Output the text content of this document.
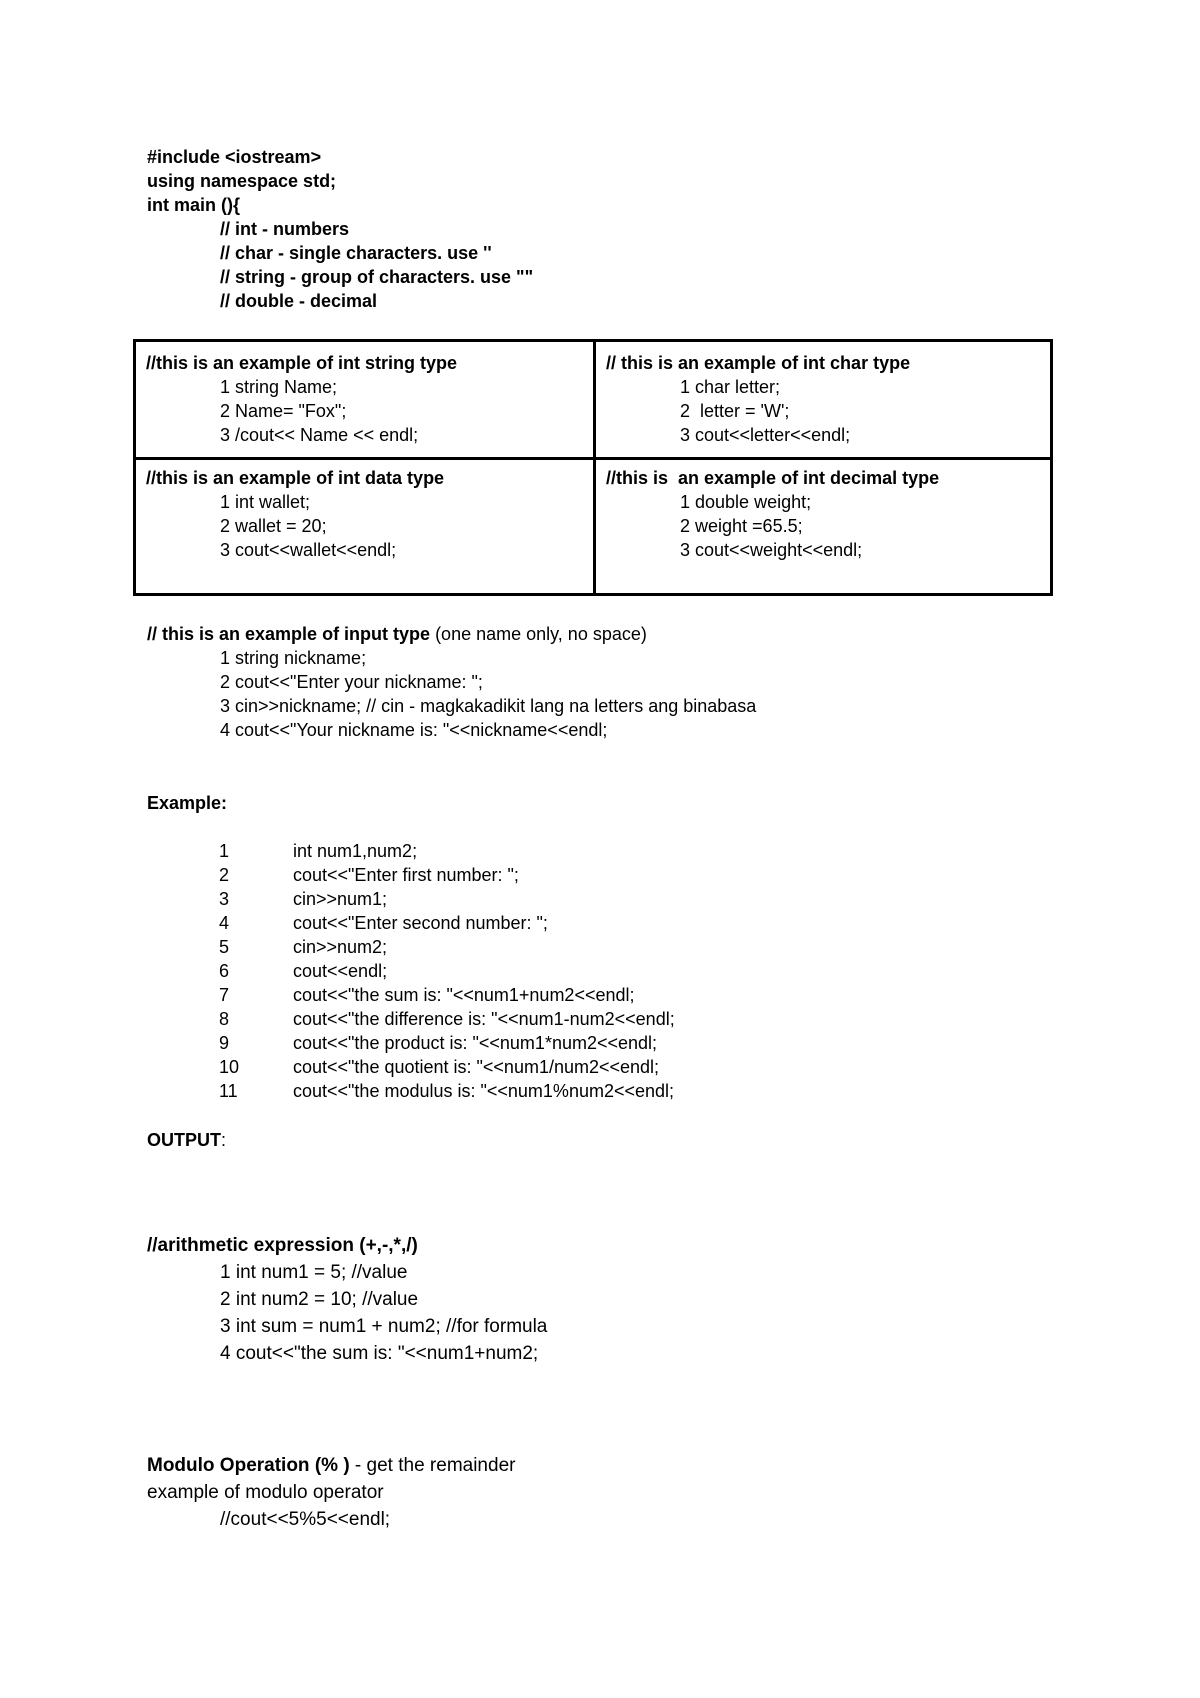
#include <iostream>
using namespace std;
int main (){
// int - numbers
// char - single characters. use ''
// string - group of characters. use ""
// double - decimal
//this is an example of int string type
1 string Name;
2 Name= "Fox";
3 /cout<< Name << endl;
// this is an example of int char type
1 char letter;
2  letter = 'W';
3 cout<<letter<<endl;
//this is an example of int data type
1 int wallet;
2 wallet = 20;
3 cout<<wallet<<endl;
//this is  an example of int decimal type
1 double weight;
2 weight =65.5;
3 cout<<weight<<endl;
// this is an example of input type (one name only, no space)
1 string nickname;
2 cout<<"Enter your nickname: ";
3 cin>>nickname; // cin - magkakadikit lang na letters ang binabasa
4 cout<<"Your nickname is: "<<nickname<<endl;
Example:
1	int num1,num2;
2	cout<<"Enter first number: ";
3	cin>>num1;
4	cout<<"Enter second number: ";
5	cin>>num2;
6	cout<<endl;
7	cout<<"the sum is: "<<num1+num2<<endl;
8	cout<<"the difference is: "<<num1-num2<<endl;
9	cout<<"the product is: "<<num1*num2<<endl;
10	cout<<"the quotient is: "<<num1/num2<<endl;
11	cout<<"the modulus is: "<<num1%num2<<endl;
OUTPUT:
//arithmetic expression (+,-,*,/)
1 int num1 = 5; //value
2 int num2 = 10; //value
3 int sum = num1 + num2; //for formula
4 cout<<"the sum is: "<<num1+num2;
Modulo Operation (% ) - get the remainder
example of modulo operator
//cout<<5%5<<endl;
